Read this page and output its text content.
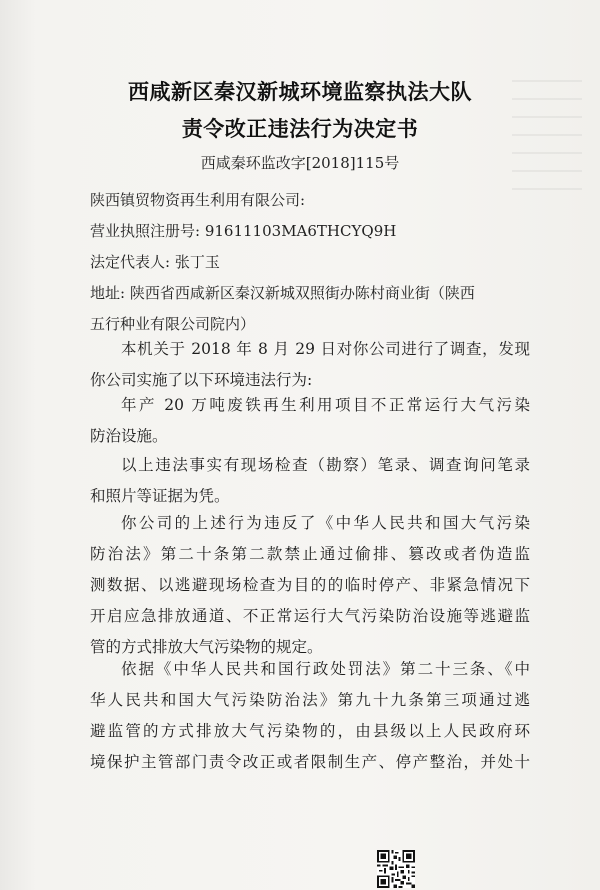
西咸新区秦汉新城环境监察执法大队
责令改正违法行为决定书
西咸秦环监改字[2018]115号
陕西镇贸物资再生利用有限公司:
营业执照注册号: 91611103MA6THCYQ9H
法定代表人: 张丁玉
地址: 陕西省西咸新区秦汉新城双照街办陈村商业街（陕西
五行种业有限公司院内）
本机关于 2018 年 8 月 29 日对你公司进行了调查，发现
你公司实施了以下环境违法行为:
年产 20 万吨废铁再生利用项目不正常运行大气污染
防治设施。
以上违法事实有现场检查（勘察）笔录、调查询问笔录
和照片等证据为凭。
你公司的上述行为违反了《中华人民共和国大气污染
防治法》第二十条第二款禁止通过偷排、篡改或者伪造监
测数据、以逃避现场检查为目的的临时停产、非紧急情况下
开启应急排放通道、不正常运行大气污染防治设施等逃避监
管的方式排放大气污染物的规定。
依据《中华人民共和国行政处罚法》第二十三条、《中
华人民共和国大气污染防治法》第九十九条第三项通过逃
避监管的方式排放大气污染物的，由县级以上人民政府环
境保护主管部门责令改正或者限制生产、停产整治，并处十
